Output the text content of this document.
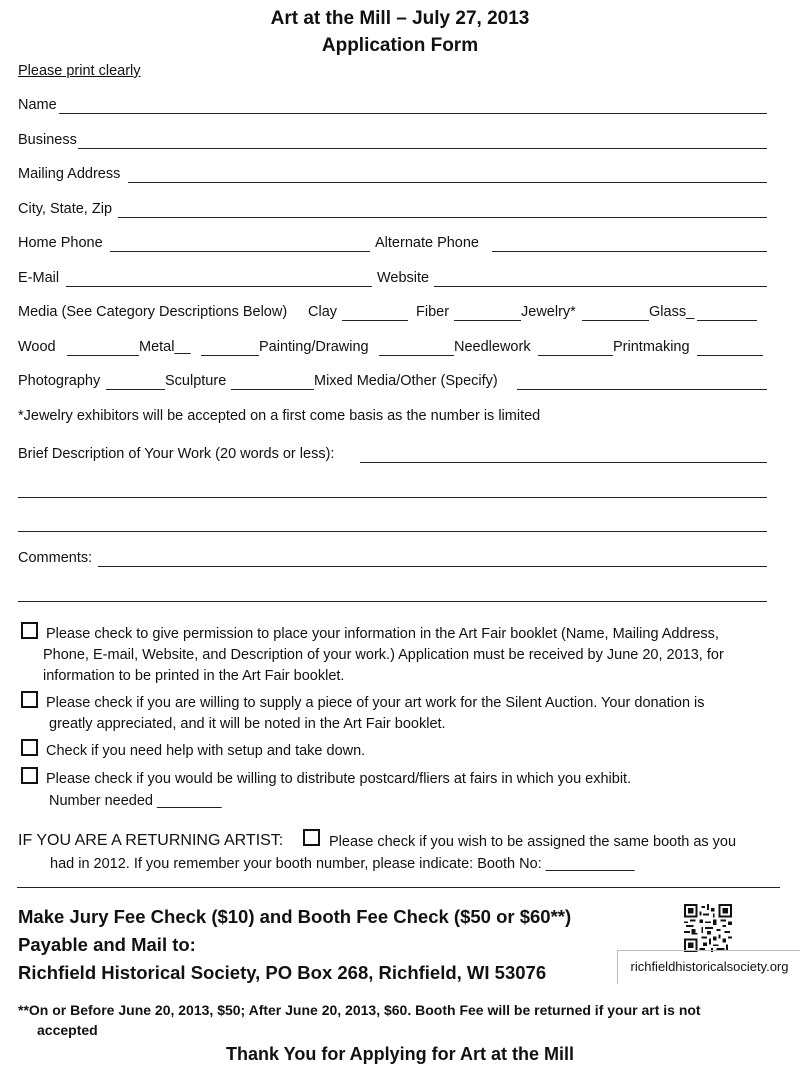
Art at the Mill – July 27, 2013
Application Form
Please print clearly
Name
Business
Mailing Address
City, State, Zip
Home Phone	Alternate Phone
E-Mail	Website
Media (See Category Descriptions Below) Clay	Fiber	Jewelry*	Glass_
Wood	Metal__	Painting/Drawing	Needlework	Printmaking
Photography	Sculpture	Mixed Media/Other (Specify)
*Jewelry exhibitors will be accepted on a first come basis as the number is limited
Brief Description of Your Work (20 words or less):
Comments:
Please check to give permission to place your information in the Art Fair booklet (Name, Mailing Address,
Phone, E-mail, Website, and Description of your work.) Application must be received by June 20, 2013, for
information to be printed in the Art Fair booklet.
Please check if you are willing to supply a piece of your art work for the Silent Auction. Your donation is
greatly appreciated, and it will be noted in the Art Fair booklet.
Check if you need help with setup and take down.
Please check if you would be willing to distribute postcard/fliers at fairs in which you exhibit.
Number needed ________
IF YOU ARE A RETURNING ARTIST:	Please check if you wish to be assigned the same booth as you
had in 2012. If you remember your booth number, please indicate: Booth No: ___________
Make Jury Fee Check ($10) and Booth Fee Check ($50 or $60**)
Payable and Mail to:
Richfield Historical Society, PO Box 268, Richfield, WI 53076	richfieldhistoricalsociety.org
**On or Before June 20, 2013, $50; After June 20, 2013, $60. Booth Fee will be returned if your art is not
accepted
Thank You for Applying for Art at the Mill
